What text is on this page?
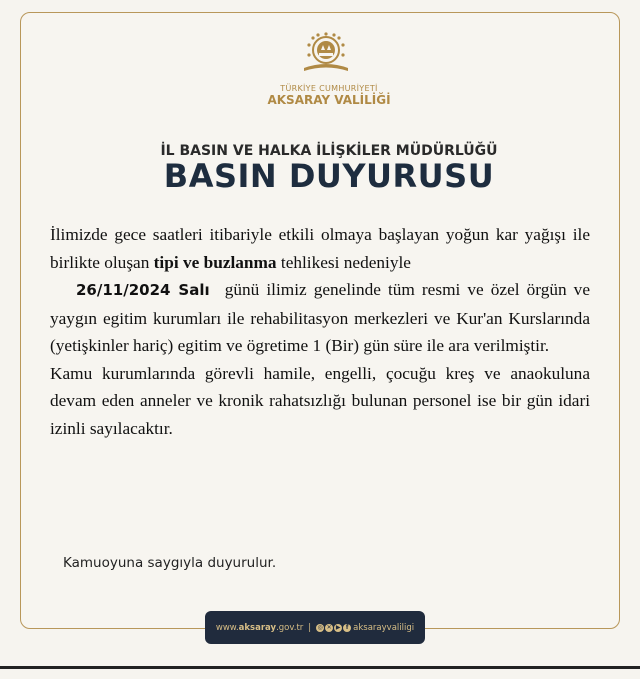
TÜRKİYE CUMHURİYETİ
AKSARAY VALİLİĞİ
İL BASIN VE HALKA İLİŞKİLER MÜDÜRLÜĞÜ
BASIN DUYURUSU

İlimizde gece saatleri itibariyle etkili olmaya başlayan yoğun kar yağışı ile birlikte oluşan tipi ve buzlanma tehlikesi nedeniyle
26/11/2024 Salı günü ilimiz genelinde tüm resmi ve özel örgün ve yaygın egitim kurumları ile rehabilitasyon merkezleri ve Kur'an Kurslarında (yetişkinler hariç) egitim ve ögretime 1 (Bir) gün süre ile ara verilmiştir.

Kamu kurumlarında görevli hamile, engelli, çocuğu kreş ve anaokuluna devam eden anneler ve kronik rahatsızlığı bulunan personel ise bir gün idari izinli sayılacaktır.

Kamuoyuna saygıyla duyurulur.
www.aksaray.gov.tr | ◎ ✕ ▶ f aksarayvaliligi
